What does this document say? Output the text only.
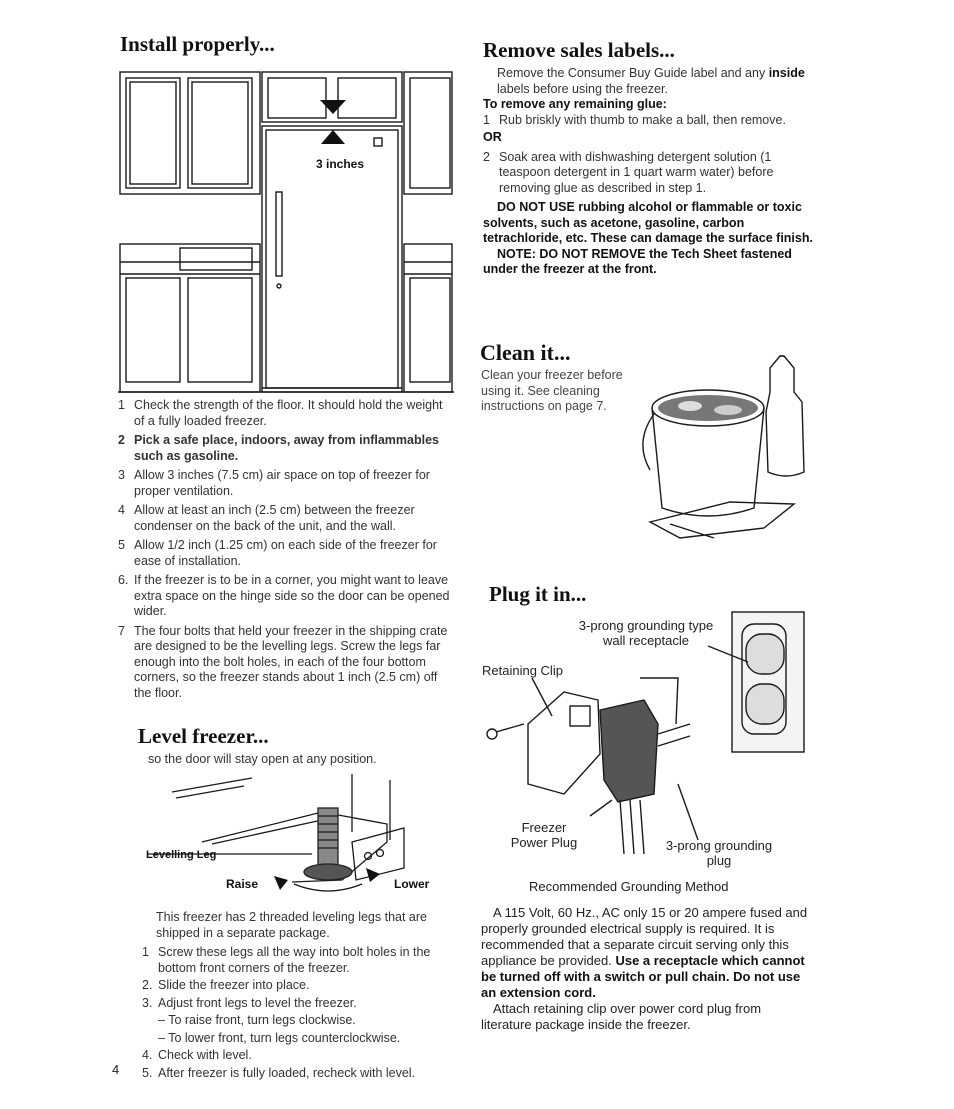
Install properly...
3 inches
1 Check the strength of the floor. It should hold the weight of a fully loaded freezer.
2 Pick a safe place, indoors, away from inflammables such as gasoline.
3 Allow 3 inches (7.5 cm) air space on top of freezer for proper ventilation.
4 Allow at least an inch (2.5 cm) between the freezer condenser on the back of the unit, and the wall.
5 Allow 1/2 inch (1.25 cm) on each side of the freezer for ease of installation.
6. If the freezer is to be in a corner, you might want to leave extra space on the hinge side so the door can be opened wider.
7 The four bolts that held your freezer in the shipping crate are designed to be the levelling legs. Screw the legs far enough into the bolt holes, in each of the four bottom corners, so the freezer stands about 1 inch (2.5 cm) off the floor.
Level freezer...

so the door will stay open at any position.

Levelling Leg
Raise	Lower

This freezer has 2 threaded leveling legs that are shipped in a separate package.

1 Screw these legs all the way into bolt holes in the bottom front corners of the freezer.
2. Slide the freezer into place.
3. Adjust front legs to level the freezer.
– To raise front, turn legs clockwise.
– To lower front, turn legs counterclockwise.
4. Check with level.
5. After freezer is fully loaded, recheck with level.
4
Remove sales labels...

Remove the Consumer Buy Guide label and any inside labels before using the freezer.

To remove any remaining glue:

1 Rub briskly with thumb to make a ball, then remove.

OR

2 Soak area with dishwashing detergent solution (1 teaspoon detergent in 1 quart warm water) before removing glue as described in step 1.

DO NOT USE rubbing alcohol or flammable or toxic solvents, such as acetone, gasoline, carbon tetrachloride, etc. These can damage the surface finish.

NOTE: DO NOT REMOVE the Tech Sheet fastened under the freezer at the front.

Clean it...

Clean your freezer before using it. See cleaning instructions on page 7.

Plug it in...
3-prong grounding type wall receptacle
Retaining Clip
Freezer Power Plug	3-prong grounding plug
Recommended Grounding Method

A 115 Volt, 60 Hz., AC only 15 or 20 ampere fused and properly grounded electrical supply is required. It is recommended that a separate circuit serving only this appliance be provided. Use a receptacle which cannot be turned off with a switch or pull chain. Do not use an extension cord.

Attach retaining clip over power cord plug from literature package inside the freezer.
